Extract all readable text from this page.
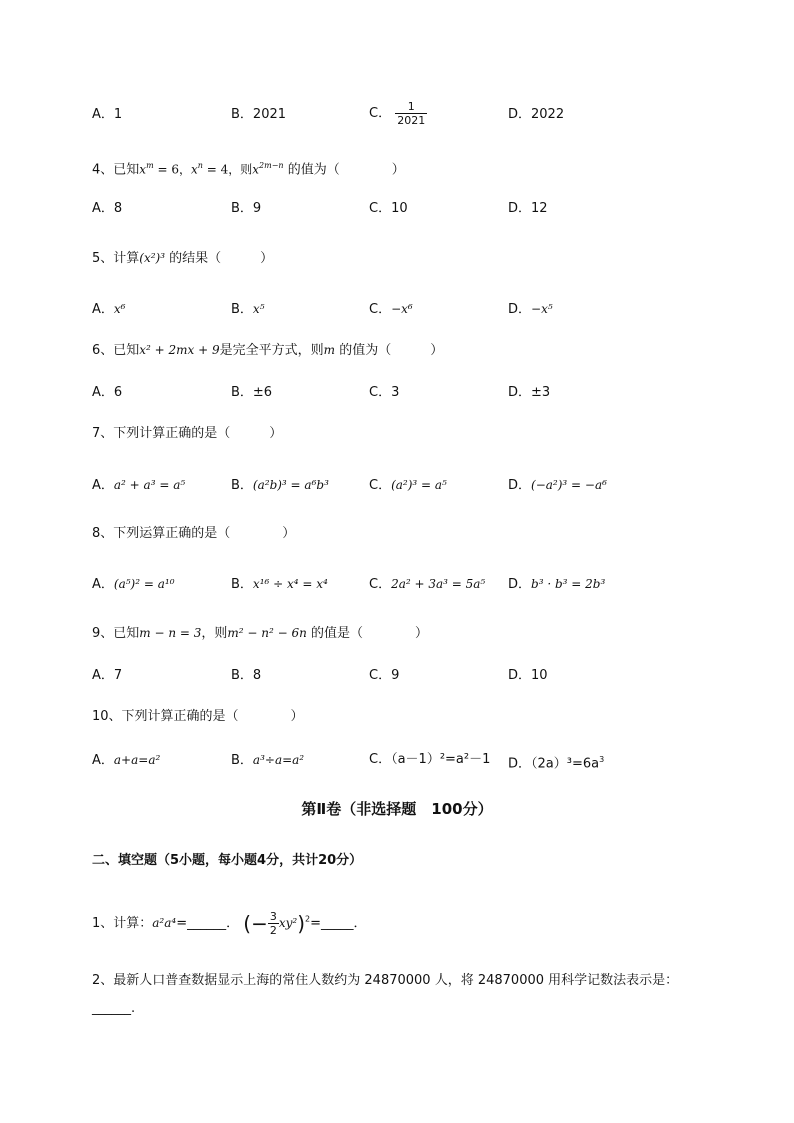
A．1	B．2021	C． $\frac{1}{2021}$	D．2022
4、已知$x^m = 6$，$x^n = 4$，则$x^{2m-n}$ 的值为（　　　　）
A．8	B．9	C．10	D．12
5、计算(x²)³ 的结果（　　　）
A．x⁶	B．x⁵	C．−x⁶	D．−x⁵
6、已知x² + 2mx + 9是完全平方式，则m 的值为（　　　）
A．6	B．±6	C．3	D．±3
7、下列计算正确的是（　　　）
A．a² + a³ = a⁵	B．(a²b)³ = a⁶b³	C．(a²)³ = a⁵	D．(−a²)³ = −a⁶
8、下列运算正确的是（　　　　）
A．(a⁵)² = a¹⁰	B．x¹⁶ ÷ x⁴ = x⁴	C．2a² + 3a³ = 5a⁵ D．b³ · b³ = 2b³
9、已知m − n = 3，则m² − n² − 6n 的值是（　　　　）
A．7	B．8	C．9	D．10
10、下列计算正确的是（　　　　）
A．a+a=a²	B．a³÷a=a²	C．（a－1）²=a²－1 D．$(2a)^3=6a^3$
第Ⅱ卷（非选择题　100分）
二、填空题（5小题，每小题4分，共计20分）
1、计算：a²a⁴=______． (− $\frac{3}{2}$ xy²)$^2$=_____．
2、最新人口普查数据显示上海的常住人数约为 24870000 人，将 24870000 用科学记数法表示是：
______.
